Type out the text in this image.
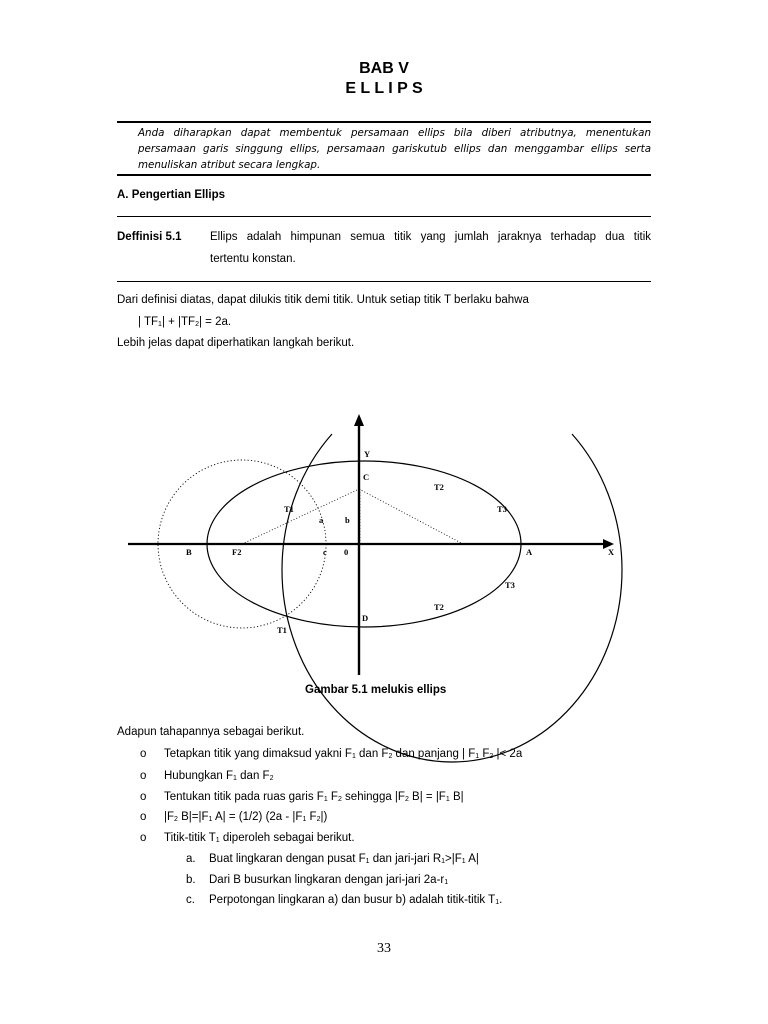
BAB V
E L L I P S
Anda diharapkan dapat membentuk persamaan ellips bila diberi atributnya, menentukan persamaan garis singgung ellips, persamaan gariskutub ellips dan menggambar ellips serta menuliskan atribut secara lengkap.
A. Pengertian Ellips
Deffinisi 5.1 Ellips adalah himpunan semua titik yang jumlah jaraknya terhadap dua titik
tertentu konstan.
Dari definisi diatas, dapat dilukis titik demi titik. Untuk setiap titik T berlaku bahwa
| $TF_1| + |TF_2| = 2a$.
Lebih jelas dapat diperhatikan langkah berikut.
Y
C
T2
T1	T3
a	b
B	F2	c 0	A	X
T3
T2
D
T1
Gambar 5.1 melukis ellips
Adapun tahapannya sebagai berikut.
o Tetapkan titik yang dimaksud yakni $F_1$ dan $F_2$ dan panjang | $F_1$ $F_2$ |< 2a
o Hubungkan $F_1$ dan $F_2$
o Tentukan titik pada ruas garis $F_1$ $F_2$ sehingga $|F_2$ $B| = |F_1$ B|
o $|F_2$ $B|=|F_1$ A| = (1/2) ($2a - |F_1$ $F_2|$)
o Titik-titik $T_1$ diperoleh sebagai berikut.
a. Buat lingkaran dengan pusat $F_1$ dan jari-jari $R_1>|F_1$ A|
b. Dari B busurkan lingkaran dengan jari-jari $2a-r_1$
c. Perpotongan lingkaran a) dan busur b) adalah titik-titik $T_1$.
33
